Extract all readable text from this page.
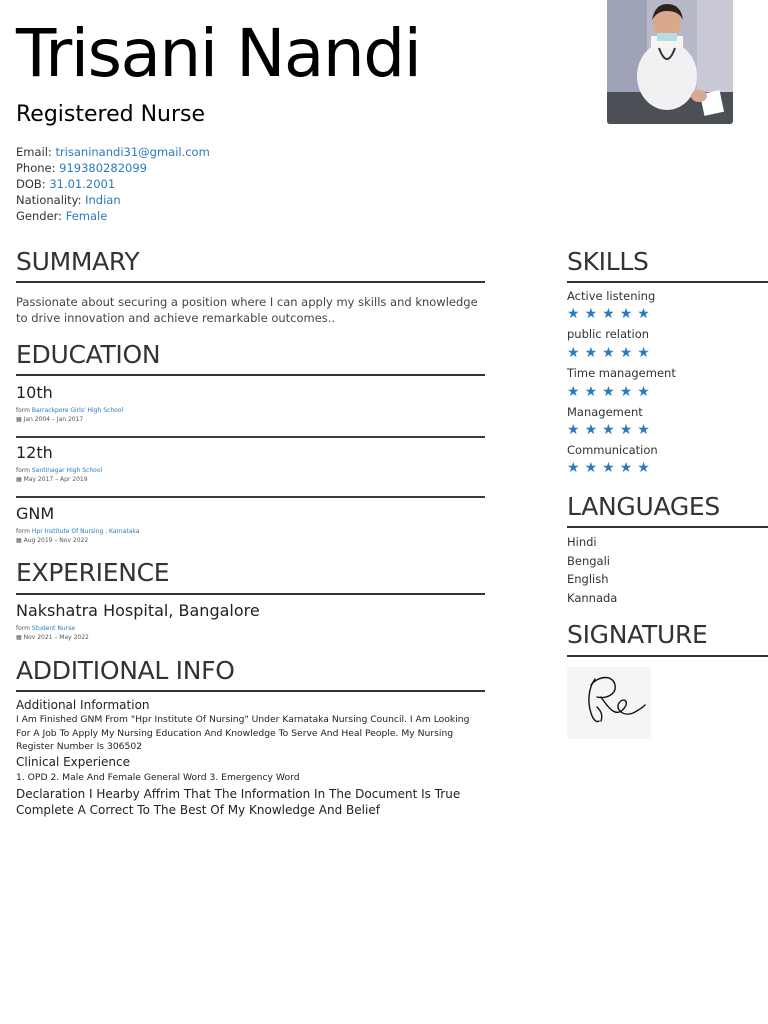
Trisani Nandi
Registered Nurse
Email: trisaninandi31@gmail.com
Phone: 919380282099
DOB: 31.01.2001
Nationality: Indian
Gender: Female
SUMMARY
Passionate about securing a position where I can apply my skills and knowledge to drive innovation and achieve remarkable outcomes..
EDUCATION
10th
form Barrackpore Girls' High School
▦ Jan 2004 – Jan 2017
12th
form Santinagar High School
▦ May 2017 – Apr 2019
GNM
form Hpr Institute Of Nursing , Karnataka
▦ Aug 2019 – Nov 2022
EXPERIENCE
Nakshatra Hospital, Bangalore
form Student Nurse
▦ Nov 2021 – May 2022
ADDITIONAL INFO
Additional Information
I Am Finished GNM From "Hpr Institute Of Nursing" Under Karnataka Nursing Council. I Am Looking For A Job To Apply My Nursing Education And Knowledge To Serve And Heal People. My Nursing Register Number Is 306502
Clinical Experience
1. OPD 2. Male And Female General Word 3. Emergency Word
Declaration I Hearby Affrim That The Information In The Document Is True Complete A Correct To The Best Of My Knowledge And Belief
SKILLS
Active listening
★★★★★
public relation
★★★★★
Time management
★★★★★
Management
★★★★★
Communication
★★★★★
LANGUAGES
Hindi
Bengali
English
Kannada
SIGNATURE
